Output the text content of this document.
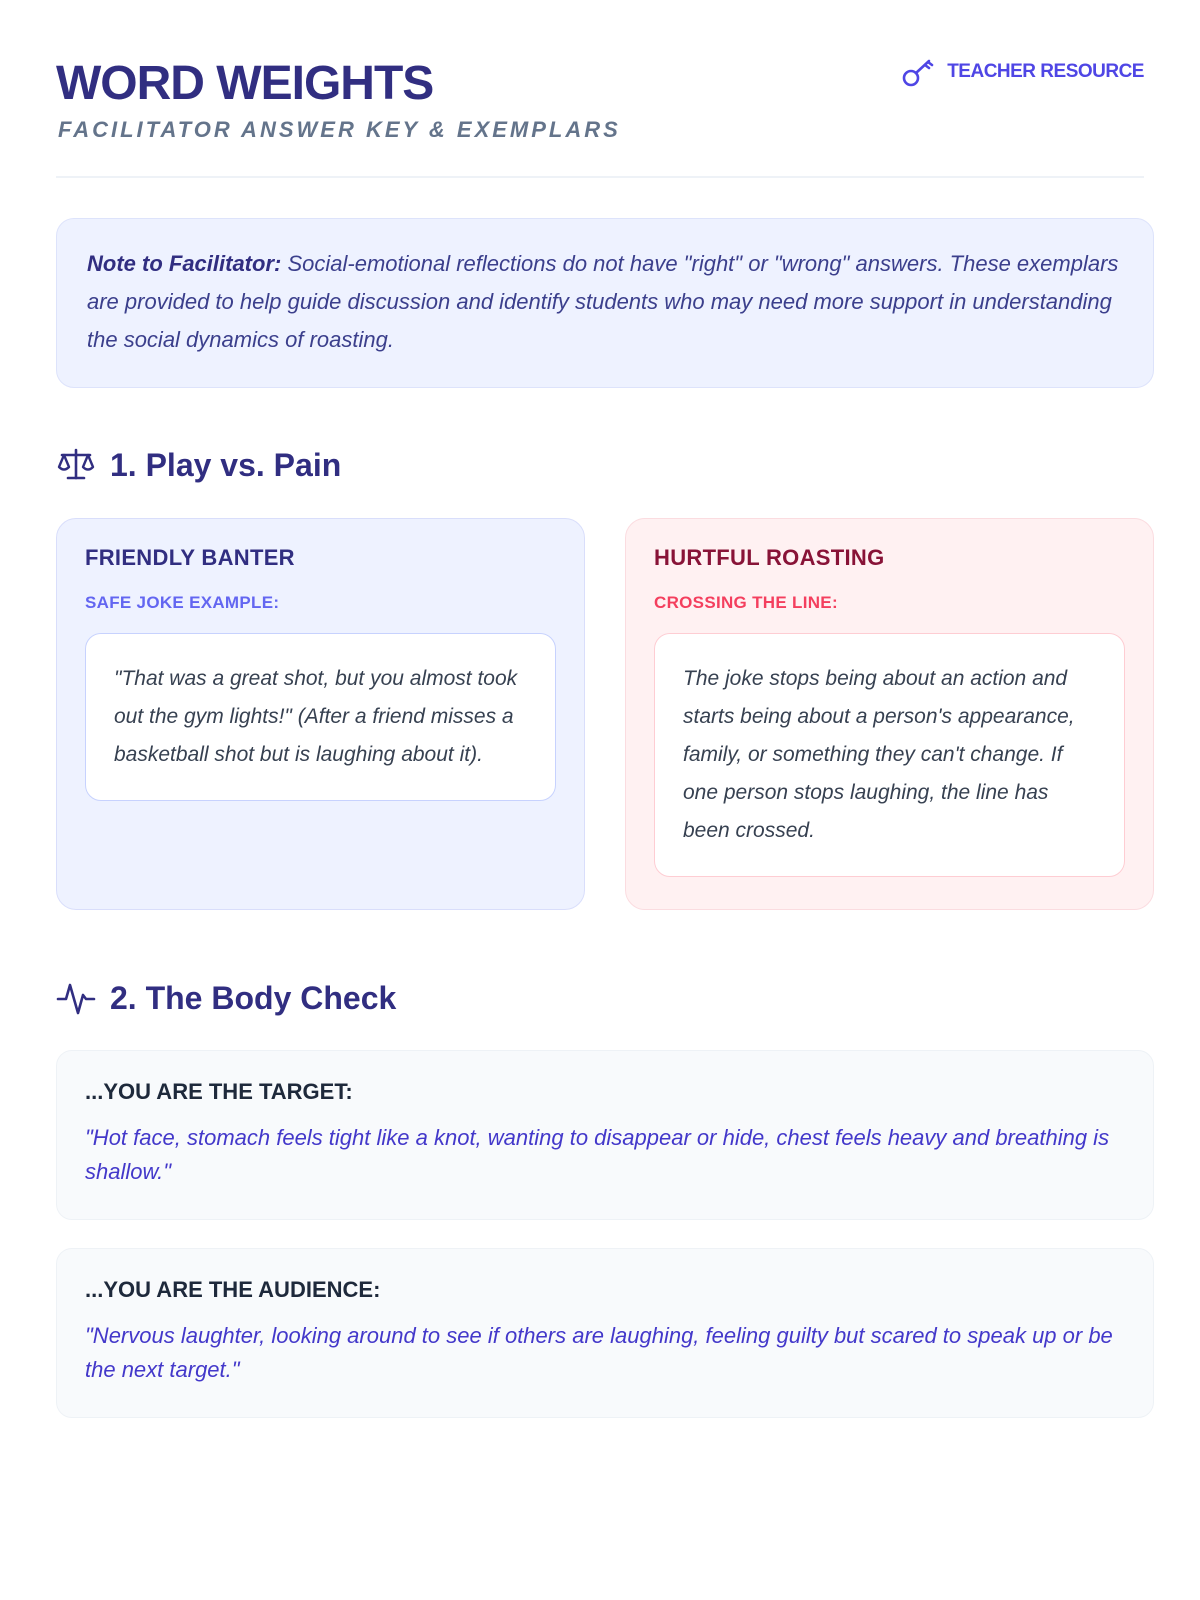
WORD WEIGHTS
FACILITATOR ANSWER KEY & EXEMPLARS
TEACHER RESOURCE
Note to Facilitator: Social-emotional reflections do not have "right" or "wrong" answers. These exemplars are provided to help guide discussion and identify students who may need more support in understanding the social dynamics of roasting.
1. Play vs. Pain
FRIENDLY BANTER
SAFE JOKE EXAMPLE:
"That was a great shot, but you almost took out the gym lights!" (After a friend misses a basketball shot but is laughing about it).
HURTFUL ROASTING
CROSSING THE LINE:
The joke stops being about an action and starts being about a person's appearance, family, or something they can't change. If one person stops laughing, the line has been crossed.
2. The Body Check
...YOU ARE THE TARGET:
"Hot face, stomach feels tight like a knot, wanting to disappear or hide, chest feels heavy and breathing is shallow."
...YOU ARE THE AUDIENCE:
"Nervous laughter, looking around to see if others are laughing, feeling guilty but scared to speak up or be the next target."
